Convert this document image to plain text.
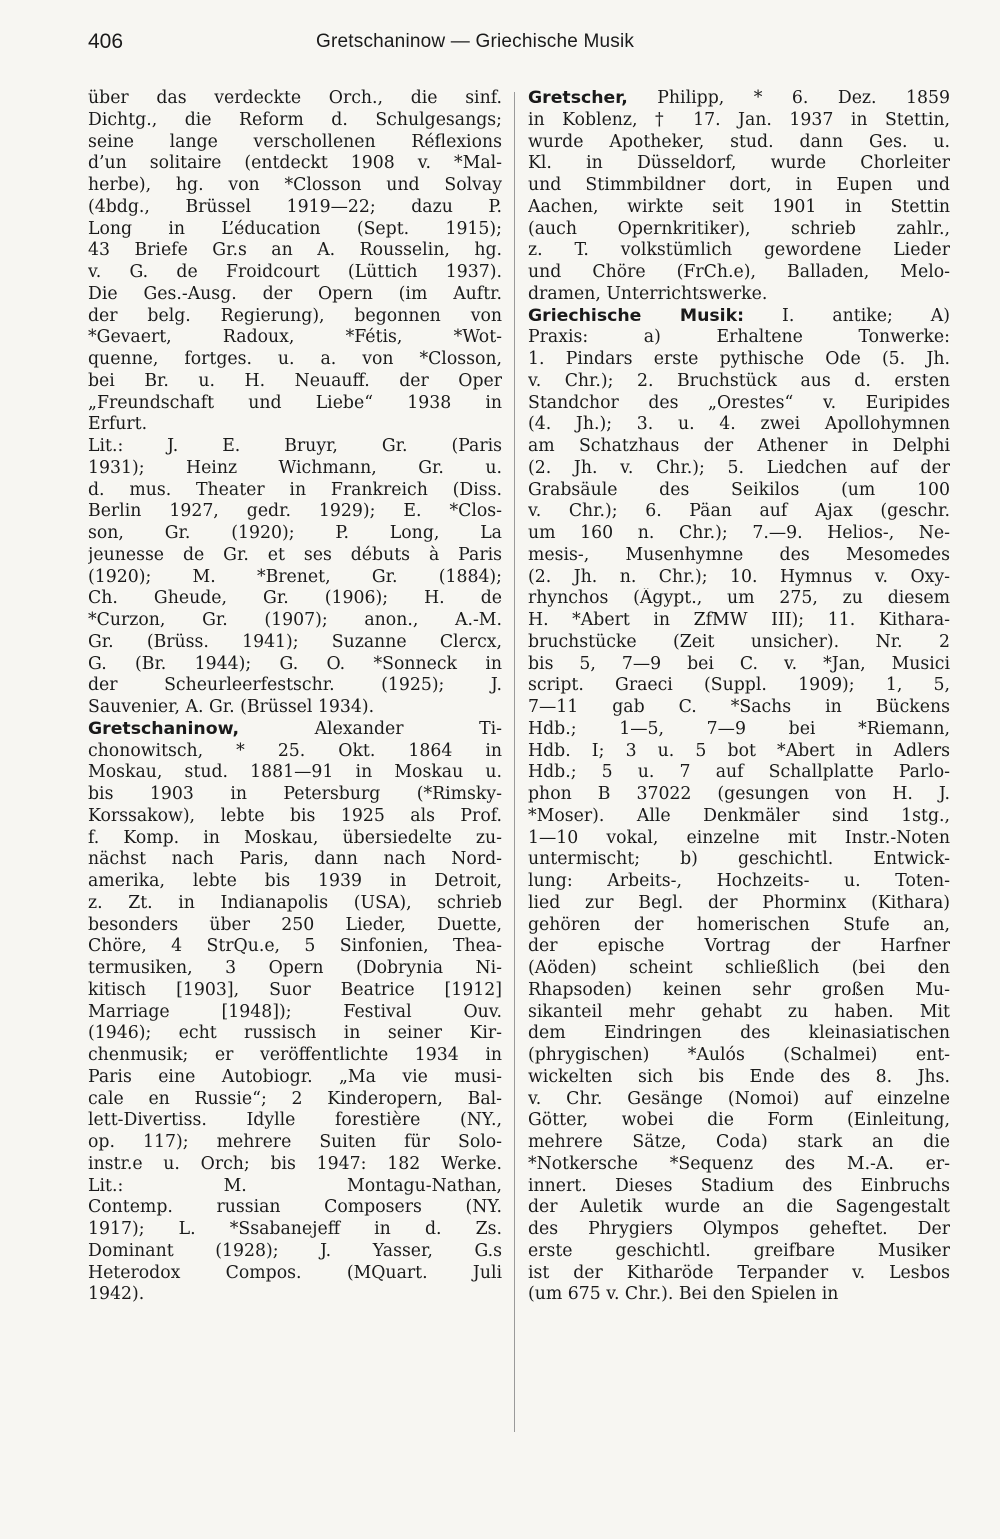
406	Gretschaninow — Griechische Musik
über das verdeckte Orch., die sinf.
Dichtg., die Reform d. Schulgesangs;
seine lange verschollenen Réflexions
d’un solitaire (entdeckt 1908 v. *Mal-
herbe), hg. von *Closson und Solvay
(4bdg., Brüssel 1919—22; dazu P.
Long in L’éducation (Sept. 1915);
43 Briefe Gr.s an A. Rousselin, hg.
v. G. de Froidcourt (Lüttich 1937).
Die Ges.-Ausg. der Opern (im Auftr.
der belg. Regierung), begonnen von
*Gevaert, Radoux, *Fétis, *Wot-
quenne, fortges. u. a. von *Closson,
bei Br. u. H. Neuauff. der Oper
„Freundschaft und Liebe“ 1938 in
Erfurt.
Lit.: J. E. Bruyr, Gr. (Paris
1931); Heinz Wichmann, Gr. u.
d. mus. Theater in Frankreich (Diss.
Berlin 1927, gedr. 1929); E. *Clos-
son, Gr. (1920); P. Long, La
jeunesse de Gr. et ses débuts à Paris
(1920); M. *Brenet, Gr. (1884);
Ch. Gheude, Gr. (1906); H. de
*Curzon, Gr. (1907); anon., A.-M.
Gr. (Brüss. 1941); Suzanne Clercx,
G. (Br. 1944); G. O. *Sonneck in
der Scheurleerfestschr. (1925); J.
Sauvenier, A. Gr. (Brüssel 1934).
Gretschaninow, Alexander Ti-
chonowitsch, * 25. Okt. 1864 in
Moskau, stud. 1881—91 in Moskau u.
bis 1903 in Petersburg (*Rimsky-
Korssakow), lebte bis 1925 als Prof.
f. Komp. in Moskau, übersiedelte zu-
nächst nach Paris, dann nach Nord-
amerika, lebte bis 1939 in Detroit,
z. Zt. in Indianapolis (USA), schrieb
besonders über 250 Lieder, Duette,
Chöre, 4 StrQu.e, 5 Sinfonien, Thea-
termusiken, 3 Opern (Dobrynia Ni-
kitisch [1903], Suor Beatrice [1912]
Marriage [1948]); Festival Ouv.
(1946); echt russisch in seiner Kir-
chenmusik; er veröffentlichte 1934 in
Paris eine Autobiogr. „Ma vie musi-
cale en Russie“; 2 Kinderopern, Bal-
lett-Divertiss. Idylle forestière (NY.,
op. 117); mehrere Suiten für Solo-
instr.e u. Orch; bis 1947: 182 Werke.
Lit.: M. Montagu-Nathan,
Contemp. russian Composers (NY.
1917); L. *Ssabanejeff in d. Zs.
Dominant (1928); J. Yasser, G.s
Heterodox Compos. (MQuart. Juli
1942).
Gretscher, Philipp, * 6. Dez. 1859
in Koblenz, † 17. Jan. 1937 in Stettin,
wurde Apotheker, stud. dann Ges. u.
Kl. in Düsseldorf, wurde Chorleiter
und Stimmbildner dort, in Eupen und
Aachen, wirkte seit 1901 in Stettin
(auch Opernkritiker), schrieb zahlr.,
z. T. volkstümlich gewordene Lieder
und Chöre (FrCh.e), Balladen, Melo-
dramen, Unterrichtswerke.
Griechische Musik: I. antike; A)
Praxis: a) Erhaltene Tonwerke:
1. Pindars erste pythische Ode (5. Jh.
v. Chr.); 2. Bruchstück aus d. ersten
Standchor des „Orestes“ v. Euripides
(4. Jh.); 3. u. 4. zwei Apollohymnen
am Schatzhaus der Athener in Delphi
(2. Jh. v. Chr.); 5. Liedchen auf der
Grabsäule des Seikilos (um 100
v. Chr.); 6. Päan auf Ajax (geschr.
um 160 n. Chr.); 7.—9. Helios-, Ne-
mesis-, Musenhymne des Mesomedes
(2. Jh. n. Chr.); 10. Hymnus v. Oxy-
rhynchos (Ägypt., um 275, zu diesem
H. *Abert in ZfMW III); 11. Kithara-
bruchstücke (Zeit unsicher). Nr. 2
bis 5, 7—9 bei C. v. *Jan, Musici
script. Graeci (Suppl. 1909); 1, 5,
7—11 gab C. *Sachs in Bückens
Hdb.; 1—5, 7—9 bei *Riemann,
Hdb. I; 3 u. 5 bot *Abert in Adlers
Hdb.; 5 u. 7 auf Schallplatte Parlo-
phon B 37022 (gesungen von H. J.
*Moser). Alle Denkmäler sind 1stg.,
1—10 vokal, einzelne mit Instr.-Noten
untermischt; b) geschichtl. Entwick-
lung: Arbeits-, Hochzeits- u. Toten-
lied zur Begl. der Phorminx (Kithara)
gehören der homerischen Stufe an,
der epische Vortrag der Harfner
(Aöden) scheint schließlich (bei den
Rhapsoden) keinen sehr großen Mu-
sikanteil mehr gehabt zu haben. Mit
dem Eindringen des kleinasiatischen
(phrygischen) *Aulós (Schalmei) ent-
wickelten sich bis Ende des 8. Jhs.
v. Chr. Gesänge (Nomoi) auf einzelne
Götter, wobei die Form (Einleitung,
mehrere Sätze, Coda) stark an die
*Notkersche *Sequenz des M.-A. er-
innert. Dieses Stadium des Einbruchs
der Auletik wurde an die Sagengestalt
des Phrygiers Olympos geheftet. Der
erste geschichtl. greifbare Musiker
ist der Kitharöde Terpander v. Lesbos
(um 675 v. Chr.). Bei den Spielen in
